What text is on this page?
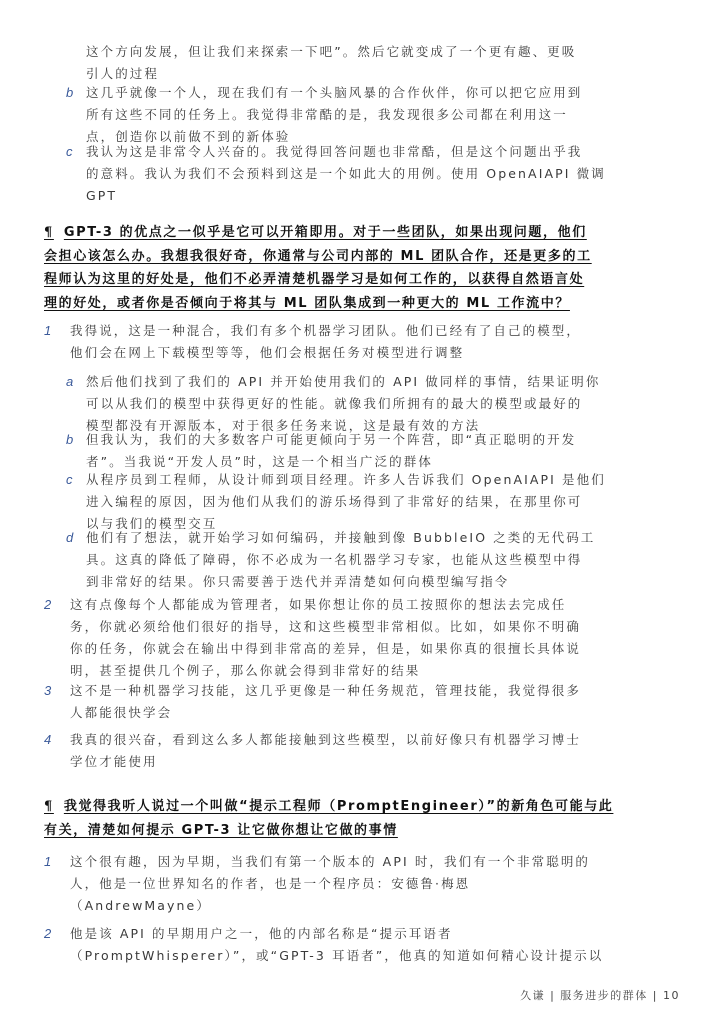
这个方向发展，但让我们来探索一下吧”。然后它就变成了一个更有趣、更吸
引人的过程
b 这几乎就像一个人，现在我们有一个头脑风暴的合作伙伴，你可以把它应用到
所有这些不同的任务上。我觉得非常酷的是，我发现很多公司都在利用这一
点，创造你以前做不到的新体验
c 我认为这是非常令人兴奋的。我觉得回答问题也非常酷，但是这个问题出乎我
的意料。我认为我们不会预料到这是一个如此大的用例。使用 OpenAIAPI 微调
GPT
¶ GPT-3 的优点之一似乎是它可以开箱即用。对于一些团队，如果出现问题，他们
会担心该怎么办。我想我很好奇，你通常与公司内部的 ML 团队合作，还是更多的工
程师认为这里的好处是，他们不必弄清楚机器学习是如何工作的，以获得自然语言处
理的好处，或者你是否倾向于将其与 ML 团队集成到一种更大的 ML 工作流中？
1 我得说，这是一种混合，我们有多个机器学习团队。他们已经有了自己的模型，
他们会在网上下载模型等等，他们会根据任务对模型进行调整
a 然后他们找到了我们的 API 并开始使用我们的 API 做同样的事情，结果证明你
可以从我们的模型中获得更好的性能。就像我们所拥有的最大的模型或最好的
模型都没有开源版本，对于很多任务来说，这是最有效的方法
b 但我认为，我们的大多数客户可能更倾向于另一个阵营，即“真正聪明的开发
者”。当我说“开发人员”时，这是一个相当广泛的群体
c 从程序员到工程师，从设计师到项目经理。许多人告诉我们 OpenAIAPI 是他们
进入编程的原因，因为他们从我们的游乐场得到了非常好的结果，在那里你可
以与我们的模型交互
d 他们有了想法，就开始学习如何编码，并接触到像 BubbleIO 之类的无代码工
具。这真的降低了障碍，你不必成为一名机器学习专家，也能从这些模型中得
到非常好的结果。你只需要善于迭代并弄清楚如何向模型编写指令
2 这有点像每个人都能成为管理者，如果你想让你的员工按照你的想法去完成任
务，你就必须给他们很好的指导，这和这些模型非常相似。比如，如果你不明确
你的任务，你就会在输出中得到非常高的差异，但是，如果你真的很擅长具体说
明，甚至提供几个例子，那么你就会得到非常好的结果
3 这不是一种机器学习技能，这几乎更像是一种任务规范，管理技能，我觉得很多
人都能很快学会
4 我真的很兴奋，看到这么多人都能接触到这些模型，以前好像只有机器学习博士
学位才能使用
¶ 我觉得我听人说过一个叫做“提示工程师（PromptEngineer）”的新角色可能与此
有关，清楚如何提示 GPT-3 让它做你想让它做的事情
1 这个很有趣，因为早期，当我们有第一个版本的 API 时，我们有一个非常聪明的
人，他是一位世界知名的作者，也是一个程序员：安德鲁·梅恩
（AndrewMayne）
2 他是该 API 的早期用户之一，他的内部名称是“提示耳语者
（PromptWhisperer）”，或“GPT-3 耳语者”，他真的知道如何精心设计提示以
久谦 | 服务进步的群体 | 10
